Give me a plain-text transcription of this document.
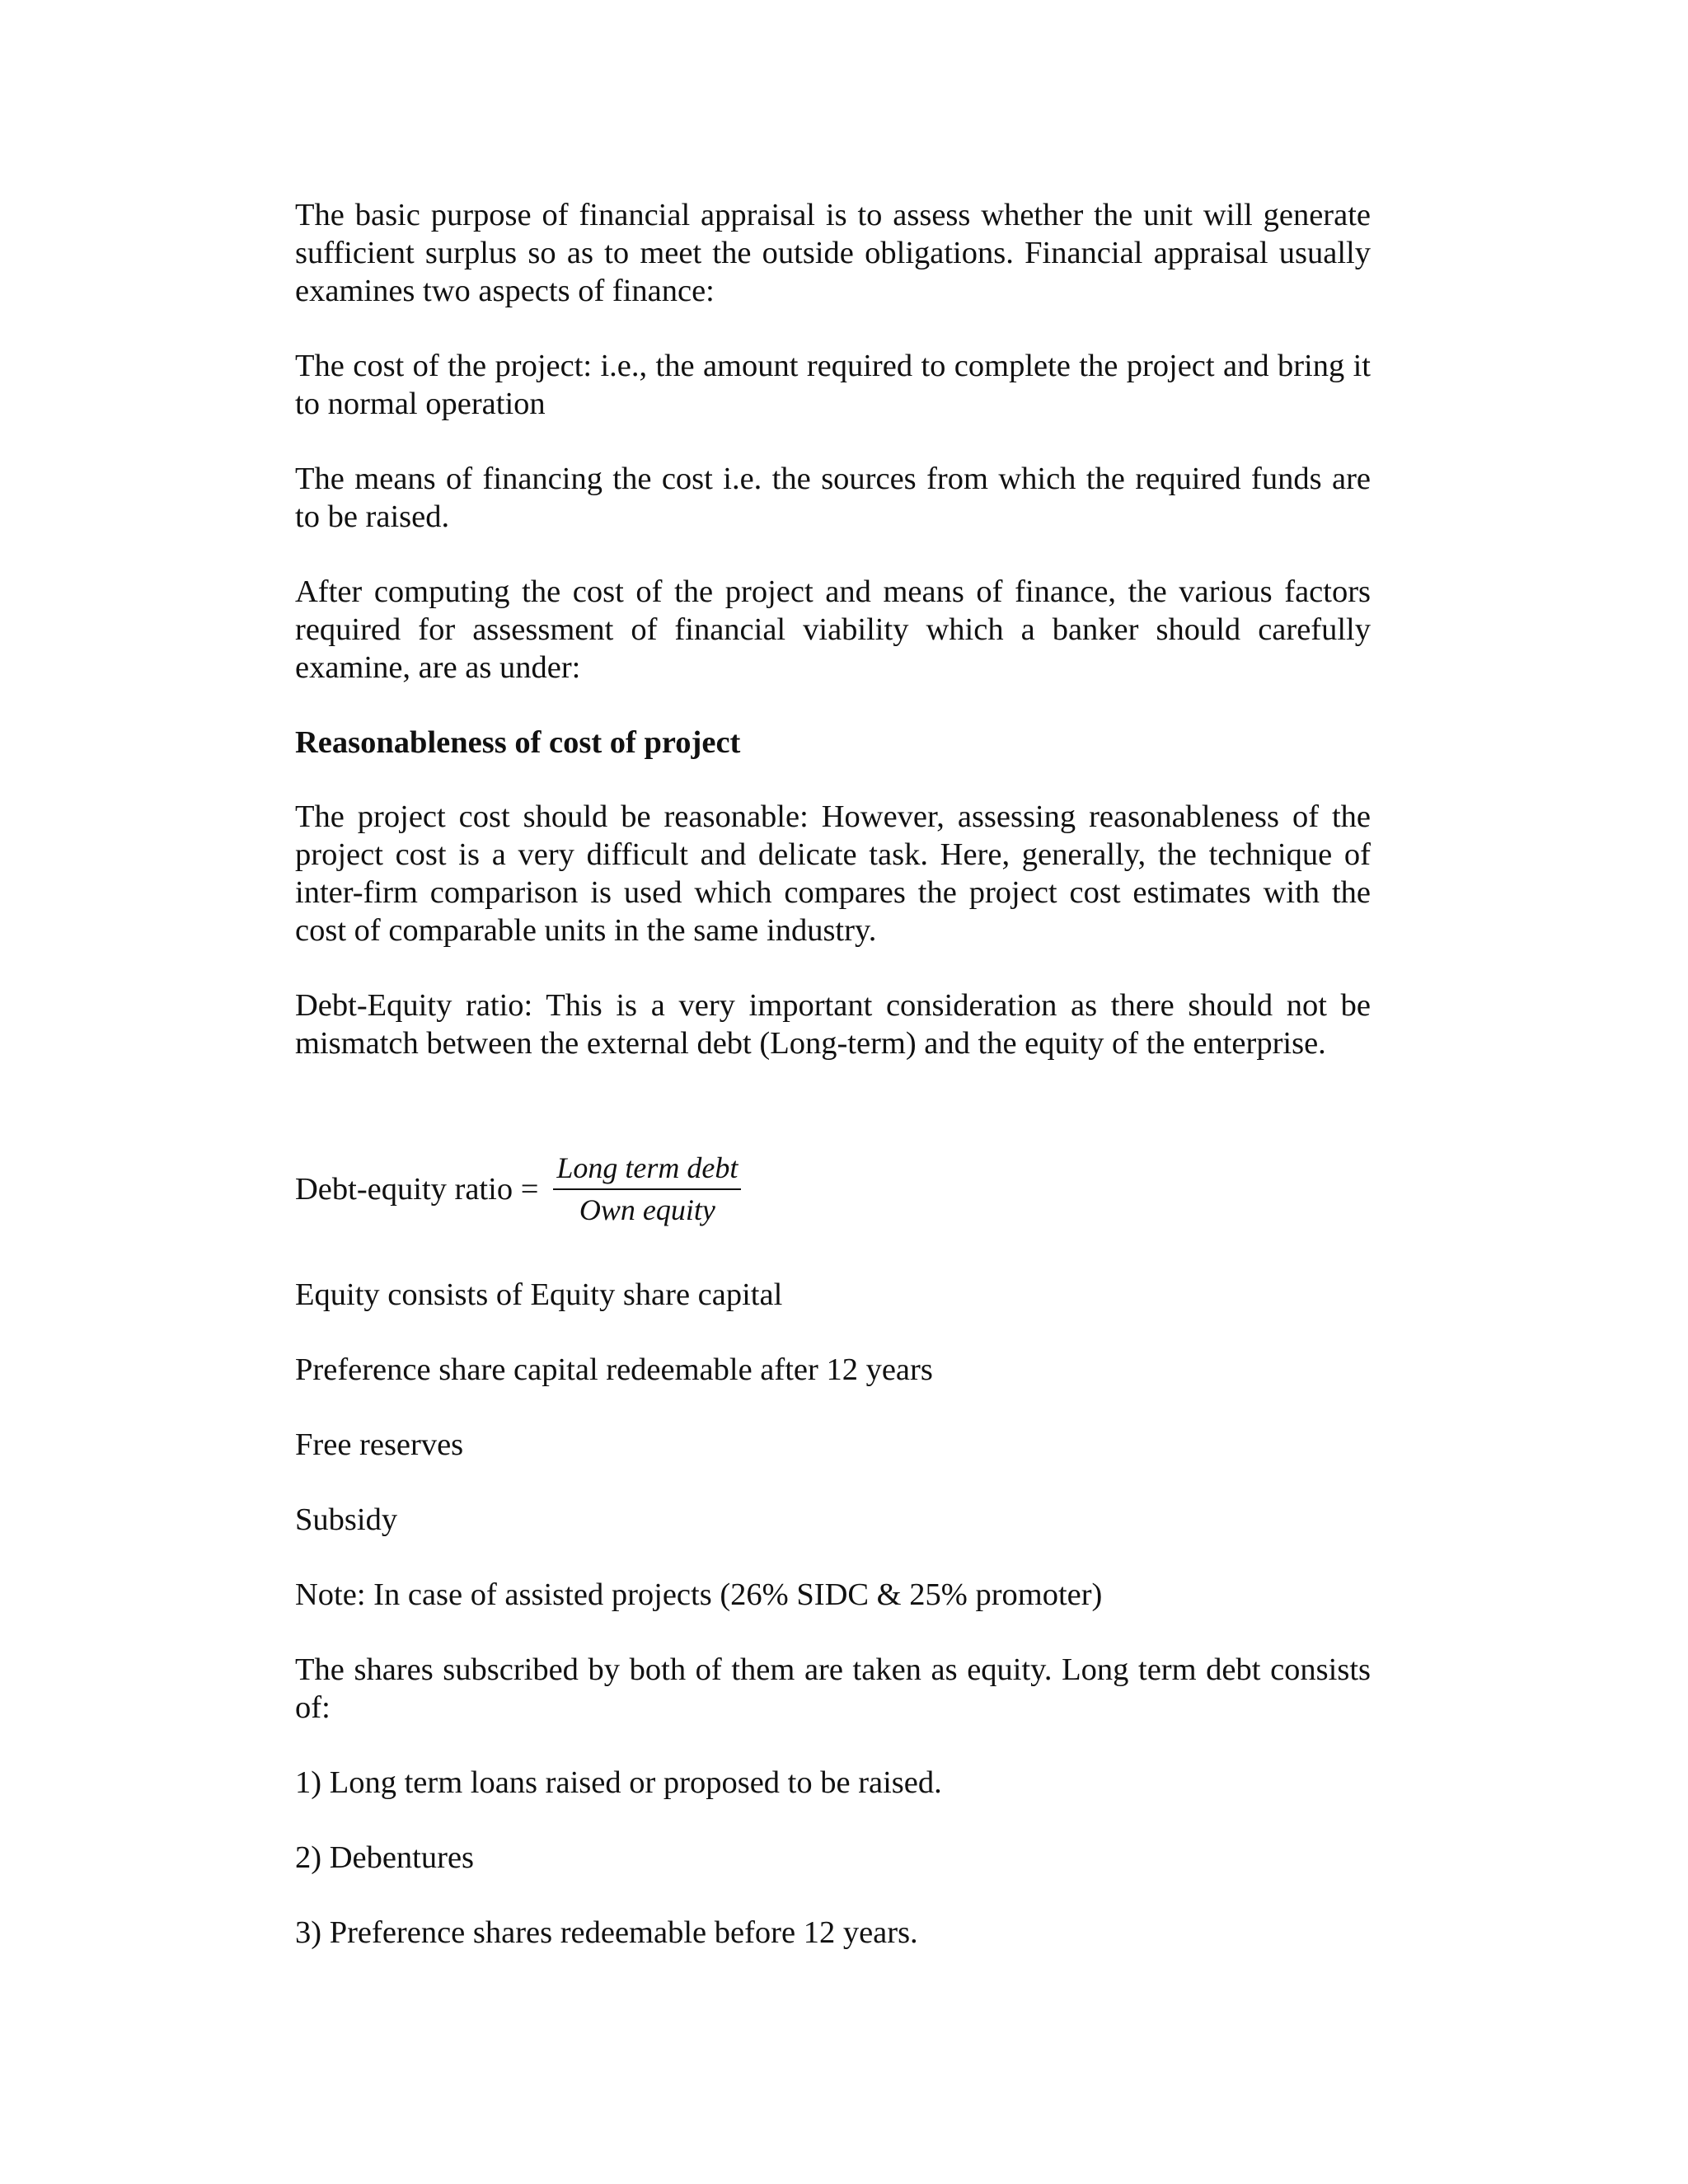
The basic purpose of financial appraisal is to assess whether the unit will generate sufficient surplus so as to meet the outside obligations. Financial appraisal usually examines two aspects of finance:

The cost of the project: i.e., the amount required to complete the project and bring it to normal operation

The means of financing the cost i.e. the sources from which the required funds are to be raised.

After computing the cost of the project and means of finance, the various factors required for assessment of financial viability which a banker should carefully examine, are as under:

Reasonableness of cost of project

The project cost should be reasonable: However, assessing reasonableness of the project cost is a very difficult and delicate task. Here, generally, the technique of inter-firm comparison is used which compares the project cost estimates with the cost of comparable units in the same industry.

Debt-Equity ratio: This is a very important consideration as there should not be mismatch between the external debt (Long-term) and the equity of the enterprise.

Debt-equity ratio = $\frac{\text{Long term debt}}{\text{Own equity}}$

Equity consists of Equity share capital

Preference share capital redeemable after 12 years

Free reserves

Subsidy

Note: In case of assisted projects (26% SIDC & 25% promoter)

The shares subscribed by both of them are taken as equity. Long term debt consists of:

1) Long term loans raised or proposed to be raised.

2) Debentures

3) Preference shares redeemable before 12 years.
